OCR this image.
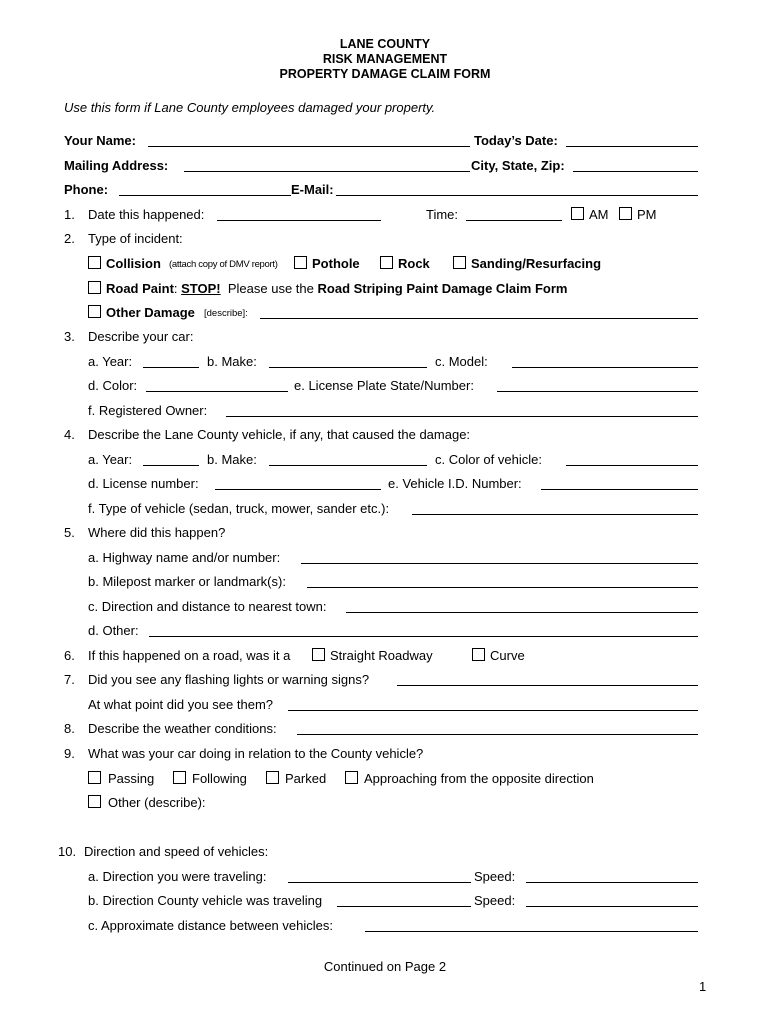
LANE COUNTY
RISK MANAGEMENT
PROPERTY DAMAGE CLAIM FORM
Use this form if Lane County employees damaged your property.
Your Name:	Today’s Date:
Mailing Address:	City, State, Zip:
Phone:	E-Mail:
1. Date this happened:	Time:	AM PM
2. Type of incident:
Collision (attach copy of DMV report)	Pothole	Rock	Sanding/Resurfacing
Road Paint: STOP! Please use the Road Striping Paint Damage Claim Form
Other Damage [describe]:
3. Describe your car:
a. Year:	b. Make:	c. Model:
d. Color:	e. License Plate State/Number:
f. Registered Owner:
4. Describe the Lane County vehicle, if any, that caused the damage:
a. Year:	b. Make:	c. Color of vehicle:
d. License number:	e. Vehicle I.D. Number:
f. Type of vehicle (sedan, truck, mower, sander etc.):
5. Where did this happen?
a. Highway name and/or number:
b. Milepost marker or landmark(s):
c. Direction and distance to nearest town:
d. Other:
6. If this happened on a road, was it a	Straight Roadway	Curve
7. Did you see any flashing lights or warning signs?
At what point did you see them?
8. Describe the weather conditions:
9. What was your car doing in relation to the County vehicle?
Passing	Following	Parked	Approaching from the opposite direction
Other (describe):
10. Direction and speed of vehicles:
a. Direction you were traveling:	Speed:
b. Direction County vehicle was traveling	Speed:
c. Approximate distance between vehicles:
Continued on Page 2
1
